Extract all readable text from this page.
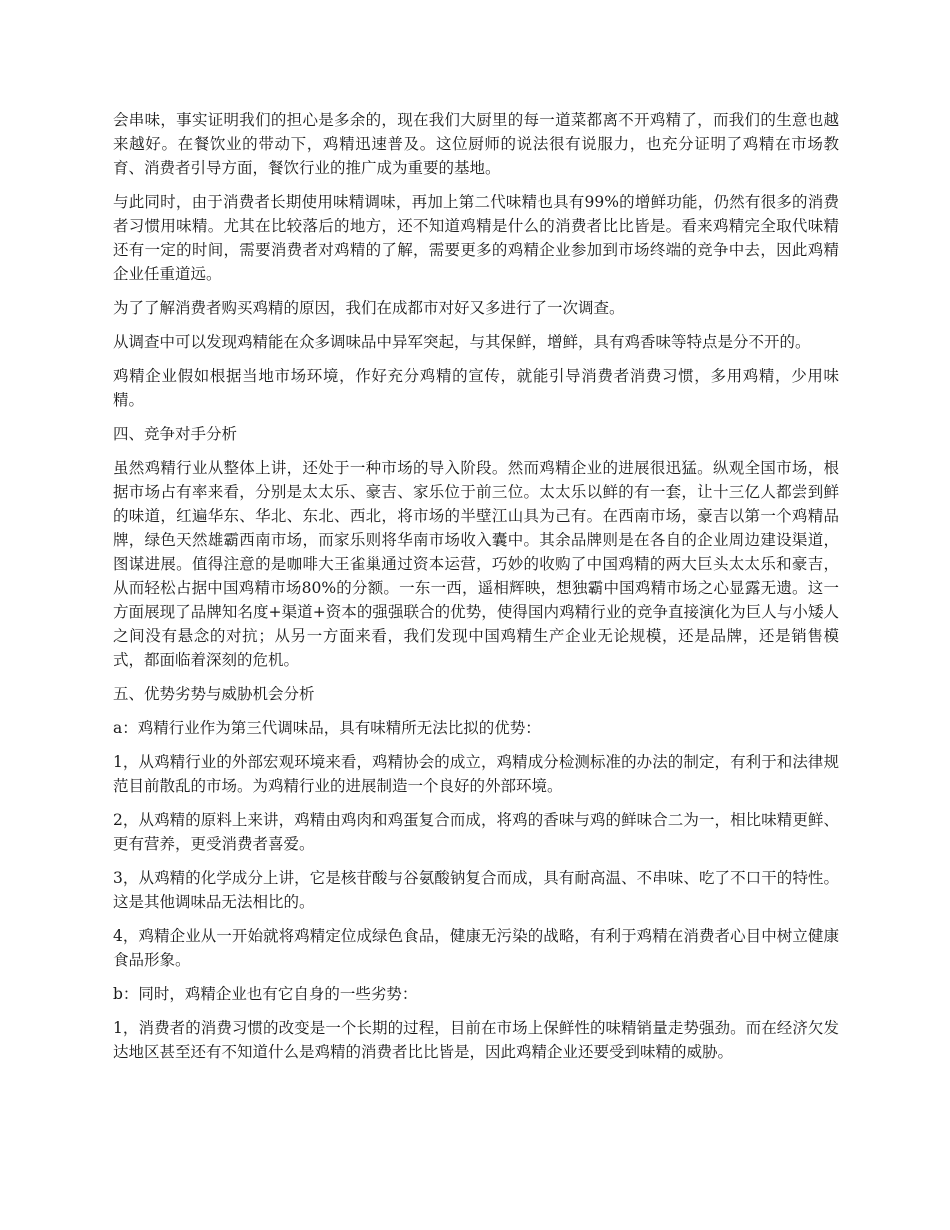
会串味，事实证明我们的担心是多余的，现在我们大厨里的每一道菜都离不开鸡精了，而我们的生意也越来越好。在餐饮业的带动下，鸡精迅速普及。这位厨师的说法很有说服力，也充分证明了鸡精在市场教育、消费者引导方面，餐饮行业的推广成为重要的基地。

与此同时，由于消费者长期使用味精调味，再加上第二代味精也具有99%的增鲜功能，仍然有很多的消费者习惯用味精。尤其在比较落后的地方，还不知道鸡精是什么的消费者比比皆是。看来鸡精完全取代味精还有一定的时间，需要消费者对鸡精的了解，需要更多的鸡精企业参加到市场终端的竞争中去，因此鸡精企业任重道远。

为了了解消费者购买鸡精的原因，我们在成都市对好又多进行了一次调查。

从调查中可以发现鸡精能在众多调味品中异军突起，与其保鲜，增鲜，具有鸡香味等特点是分不开的。

鸡精企业假如根据当地市场环境，作好充分鸡精的宣传，就能引导消费者消费习惯，多用鸡精，少用味精。

四、竞争对手分析

虽然鸡精行业从整体上讲，还处于一种市场的导入阶段。然而鸡精企业的进展很迅猛。纵观全国市场，根据市场占有率来看，分别是太太乐、豪吉、家乐位于前三位。太太乐以鲜的有一套，让十三亿人都尝到鲜的味道，红遍华东、华北、东北、西北，将市场的半壁江山具为己有。在西南市场，豪吉以第一个鸡精品牌，绿色天然雄霸西南市场，而家乐则将华南市场收入囊中。其余品牌则是在各自的企业周边建设渠道，图谋进展。值得注意的是咖啡大王雀巢通过资本运营，巧妙的收购了中国鸡精的两大巨头太太乐和豪吉，从而轻松占据中国鸡精市场80%的分额。一东一西，遥相辉映，想独霸中国鸡精市场之心显露无遗。这一方面展现了品牌知名度+渠道+资本的强强联合的优势，使得国内鸡精行业的竞争直接演化为巨人与小矮人之间没有悬念的对抗；从另一方面来看，我们发现中国鸡精生产企业无论规模，还是品牌，还是销售模式，都面临着深刻的危机。

五、优势劣势与威胁机会分析

a：鸡精行业作为第三代调味品，具有味精所无法比拟的优势：

1，从鸡精行业的外部宏观环境来看，鸡精协会的成立，鸡精成分检测标准的办法的制定，有利于和法律规范目前散乱的市场。为鸡精行业的进展制造一个良好的外部环境。

2，从鸡精的原料上来讲，鸡精由鸡肉和鸡蛋复合而成，将鸡的香味与鸡的鲜味合二为一，相比味精更鲜、更有营养，更受消费者喜爱。

3，从鸡精的化学成分上讲，它是核苷酸与谷氨酸钠复合而成，具有耐高温、不串味、吃了不口干的特性。这是其他调味品无法相比的。

4，鸡精企业从一开始就将鸡精定位成绿色食品，健康无污染的战略，有利于鸡精在消费者心目中树立健康食品形象。

b：同时，鸡精企业也有它自身的一些劣势：

1，消费者的消费习惯的改变是一个长期的过程，目前在市场上保鲜性的味精销量走势强劲。而在经济欠发达地区甚至还有不知道什么是鸡精的消费者比比皆是，因此鸡精企业还要受到味精的威胁。
